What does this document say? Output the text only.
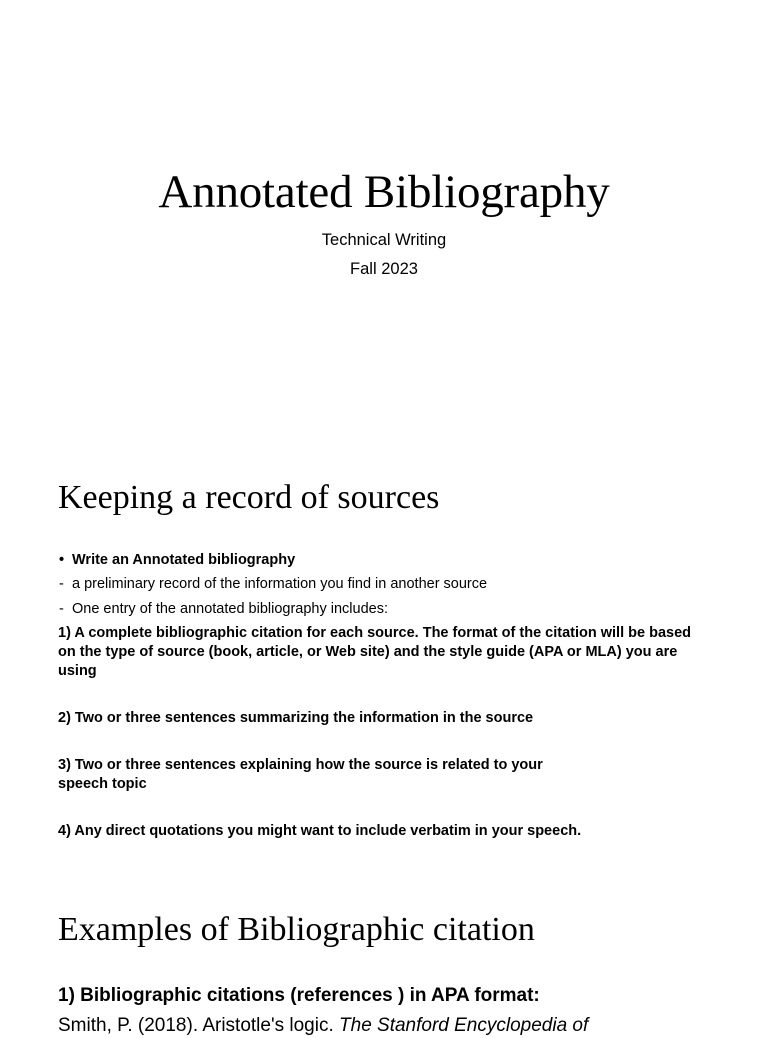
Annotated Bibliography
Technical Writing
Fall 2023
Keeping a record of sources
• Write an Annotated bibliography
- a preliminary record of the information you find in another source
- One entry of the annotated bibliography includes:
1) A complete bibliographic citation for each source. The format of the citation will be based on the type of source (book, article, or Web site) and the style guide (APA or MLA) you are using
2) Two or three sentences summarizing the information in the source
3) Two or three sentences explaining how the source is related to your speech topic
4) Any direct quotations you might want to include verbatim in your speech.
Examples of Bibliographic citation
1) Bibliographic citations (references ) in APA format:
Smith, P. (2018). Aristotle's logic. The Stanford Encyclopedia of
